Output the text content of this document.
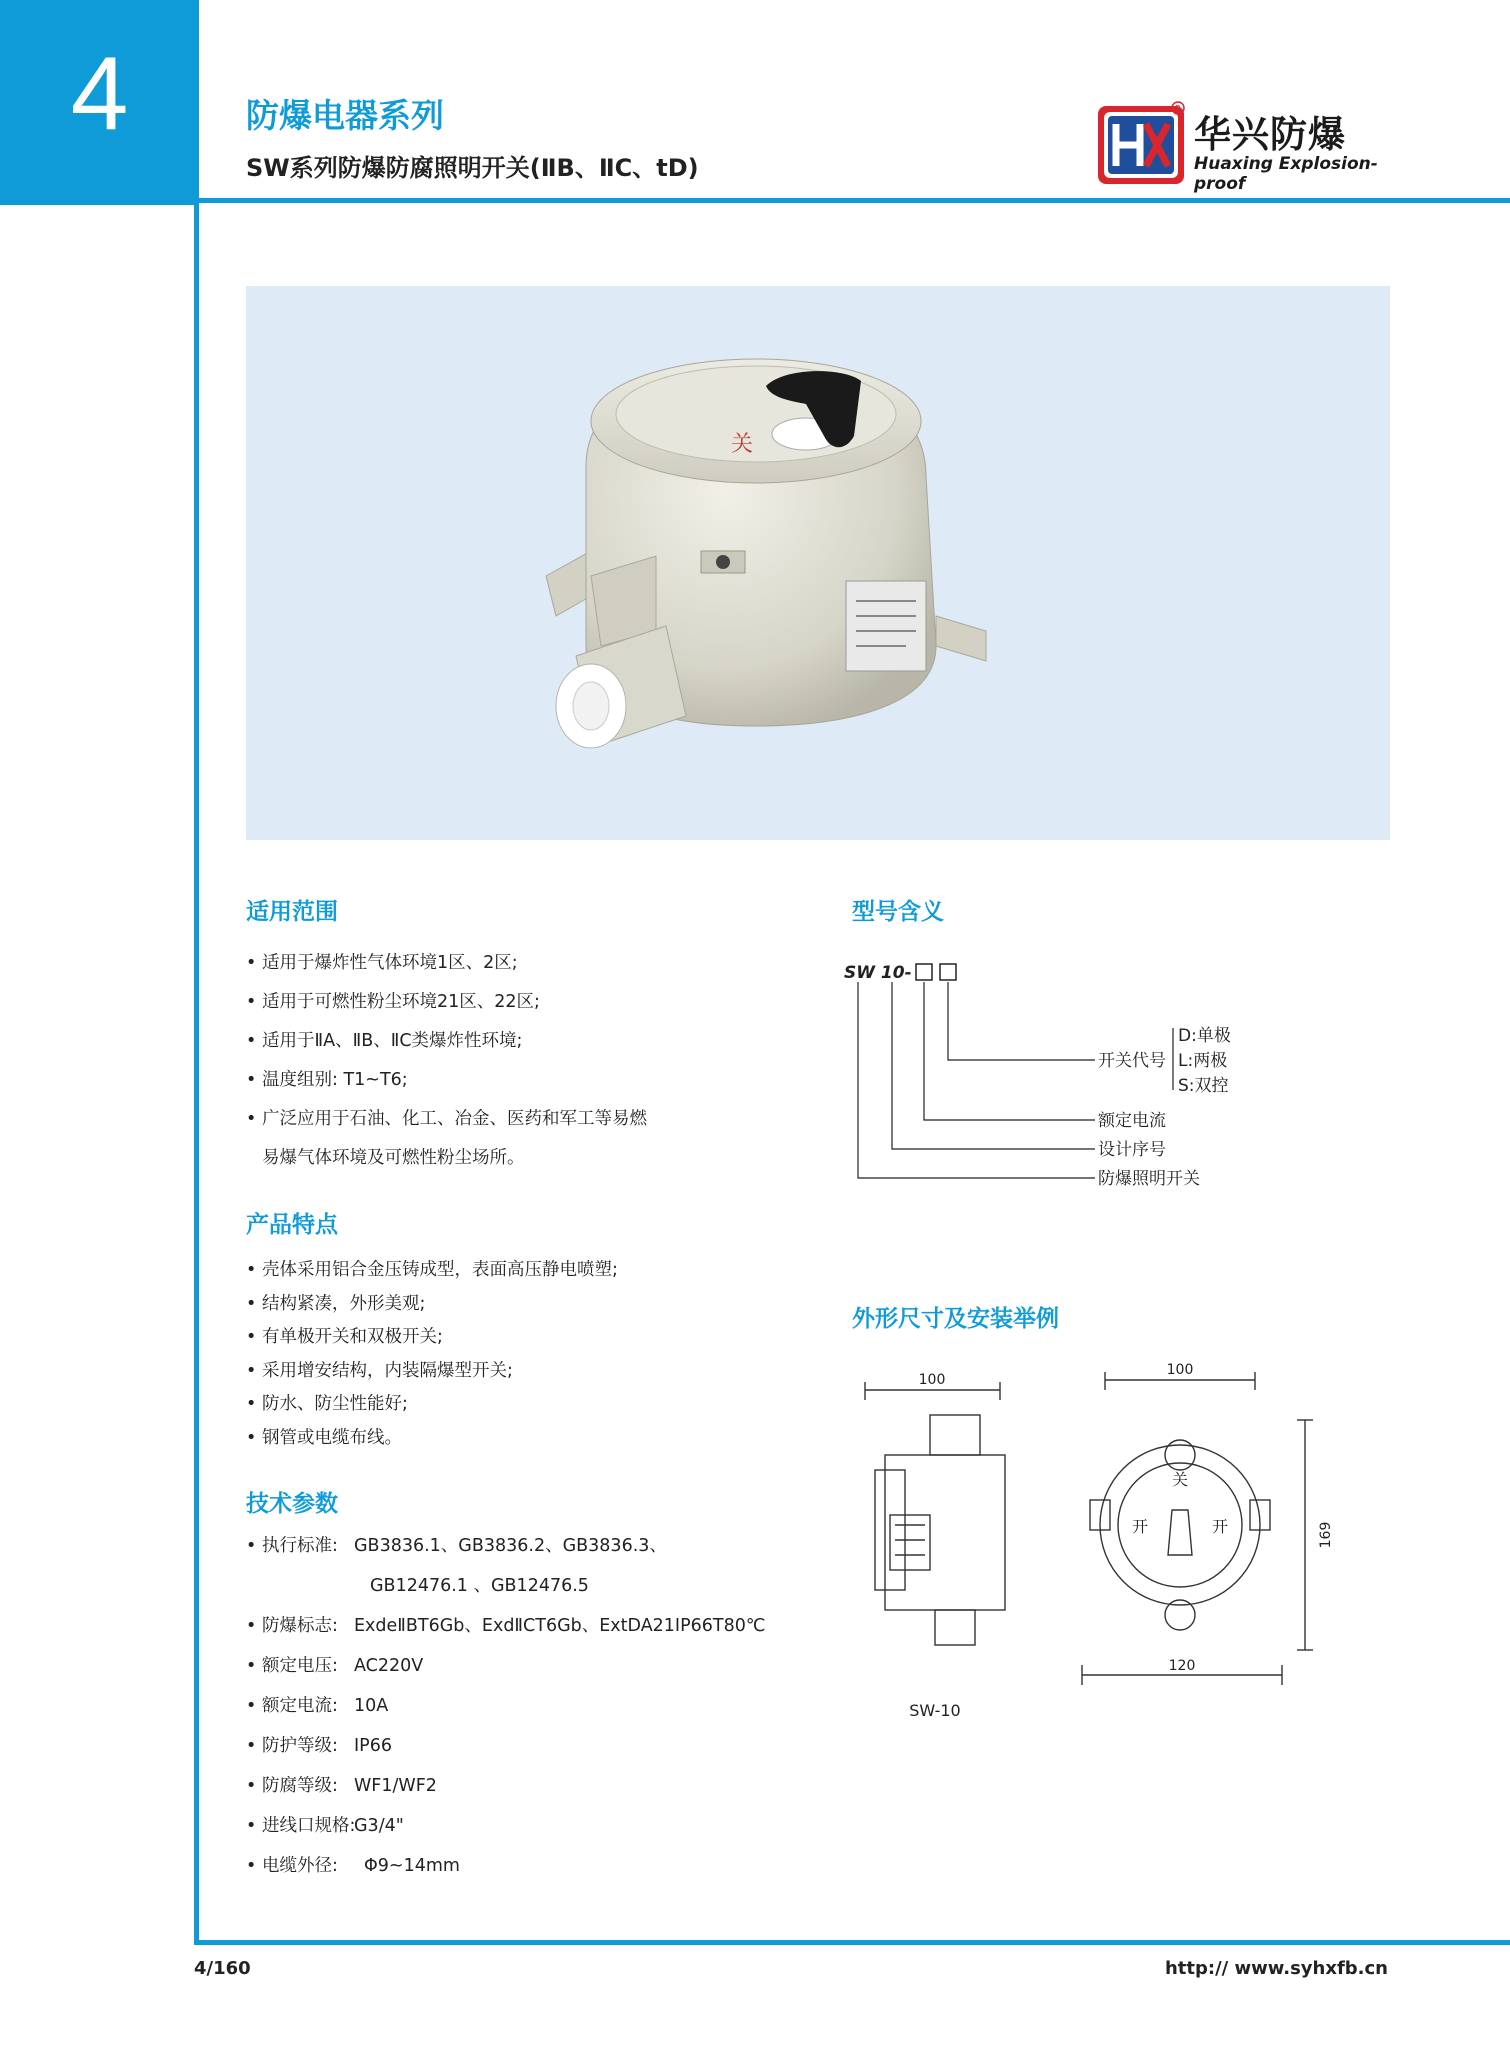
4	防爆电器系列
SW系列防爆防腐照明开关(ⅡB、ⅡC、tD)
R
华兴防爆
Huaxing Explosion-proof
关
适用范围
• 适用于爆炸性气体环境1区、2区;
• 适用于可燃性粉尘环境21区、22区;
• 适用于ⅡA、ⅡB、ⅡC类爆炸性环境;
• 温度组别: T1~T6;
• 广泛应用于石油、化工、冶金、医药和军工等易燃
易爆气体环境及可燃性粉尘场所。
产品特点
• 壳体采用铝合金压铸成型，表面高压静电喷塑;
• 结构紧凑，外形美观;
• 有单极开关和双极开关;
• 采用增安结构，内装隔爆型开关;
• 防水、防尘性能好;
• 钢管或电缆布线。
技术参数
• 执行标准: GB3836.1、GB3836.2、GB3836.3、
GB12476.1 、GB12476.5
• 防爆标志: ExdeⅡBT6Gb、ExdⅡCT6Gb、ExtDA21IP66T80℃
• 额定电压: AC220V
• 额定电流: 10A
• 防护等级: IP66
• 防腐等级: WF1/WF2
• 进线口规格:G3/4"
• 电缆外径: Φ9~14mm
型号含义
SW 10-
开关代号
额定电流
设计序号
防爆照明开关
D:单极
L:两极
S:双控
外形尺寸及安装举例
100
100
120
169
关
开	开
SW-10
4/160	http:// www.syhxfb.cn
